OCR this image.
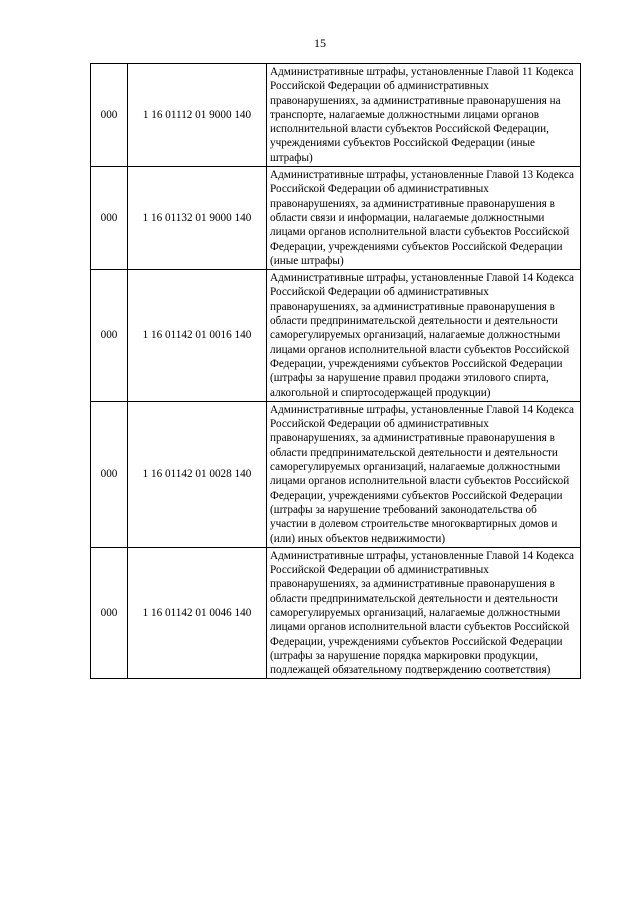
15
000	1 16 01112 01 9000 140	Административные штрафы, установленные Главой 11 Кодекса Российской Федерации об административных правонарушениях, за административные правонарушения на транспорте, налагаемые должностными лицами органов исполнительной власти субъектов Российской Федерации, учреждениями субъектов Российской Федерации (иные штрафы)
000	1 16 01132 01 9000 140	Административные штрафы, установленные Главой 13 Кодекса Российской Федерации об административных правонарушениях, за административные правонарушения в области связи и информации, налагаемые должностными лицами органов исполнительной власти субъектов Российской Федерации, учреждениями субъектов Российской Федерации (иные штрафы)
000	1 16 01142 01 0016 140	Административные штрафы, установленные Главой 14 Кодекса Российской Федерации об административных правонарушениях, за административные правонарушения в области предпринимательской деятельности и деятельности саморегулируемых организаций, налагаемые должностными лицами органов исполнительной власти субъектов Российской Федерации, учреждениями субъектов Российской Федерации (штрафы за нарушение правил продажи этилового спирта, алкогольной и спиртосодержащей продукции)
000	1 16 01142 01 0028 140	Административные штрафы, установленные Главой 14 Кодекса Российской Федерации об административных правонарушениях, за административные правонарушения в области предпринимательской деятельности и деятельности саморегулируемых организаций, налагаемые должностными лицами органов исполнительной власти субъектов Российской Федерации, учреждениями субъектов Российской Федерации (штрафы за нарушение требований законодательства об участии в долевом строительстве многоквартирных домов и (или) иных объектов недвижимости)
000	1 16 01142 01 0046 140	Административные штрафы, установленные Главой 14 Кодекса Российской Федерации об административных правонарушениях, за административные правонарушения в области предпринимательской деятельности и деятельности саморегулируемых организаций, налагаемые должностными лицами органов исполнительной власти субъектов Российской Федерации, учреждениями субъектов Российской Федерации (штрафы за нарушение порядка маркировки продукции, подлежащей обязательному подтверждению соответствия)
